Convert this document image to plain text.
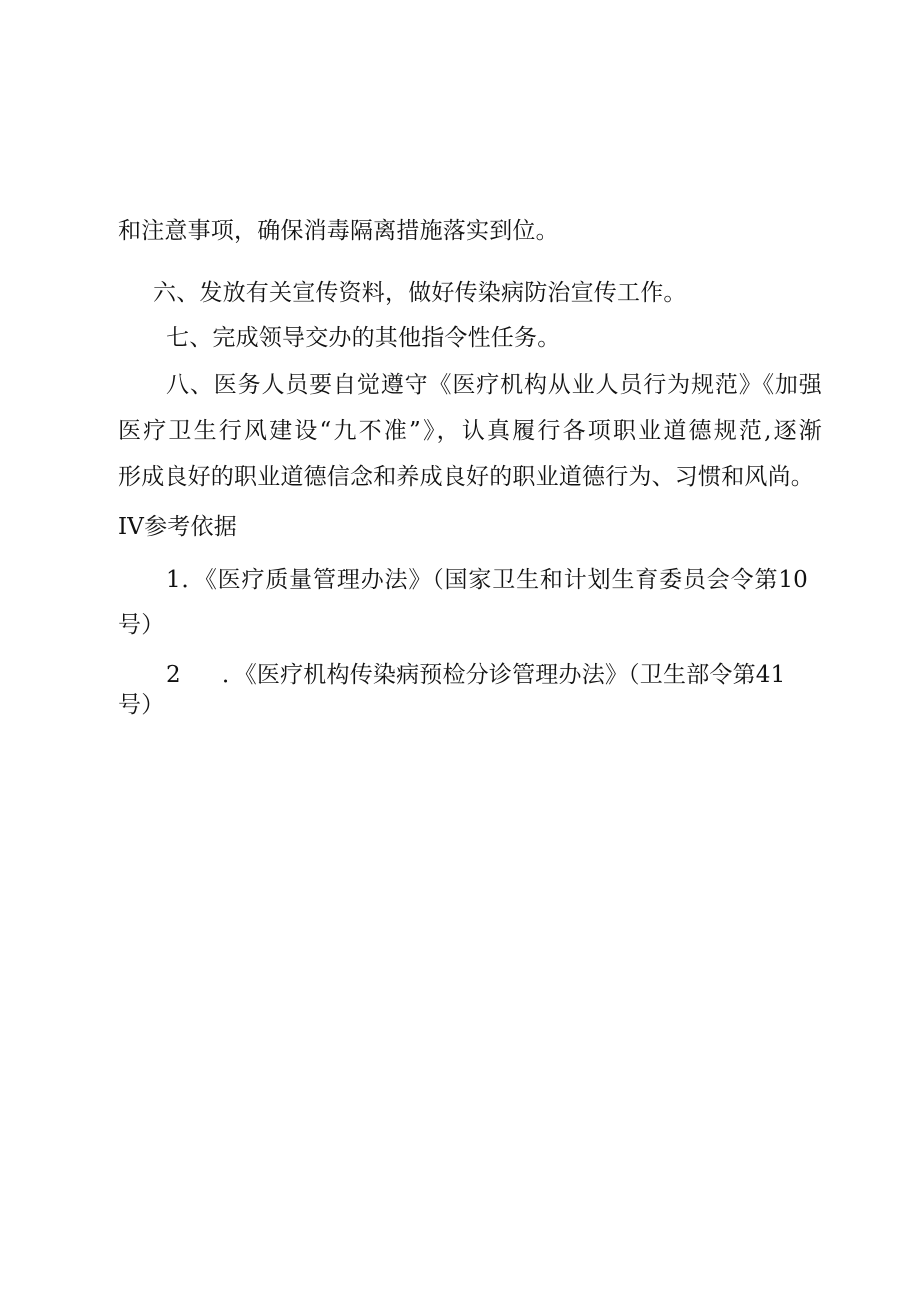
和注意事项，确保消毒隔离措施落实到位。
六、发放有关宣传资料，做好传染病防治宣传工作。
七、完成领导交办的其他指令性任务。
八、医务人员要自觉遵守《医疗机构从业人员行为规范》《加强
医疗卫生行风建设“九不准”》，认真履行各项职业道德规范,逐渐
形成良好的职业道德信念和养成良好的职业道德行为、习惯和风尚。
IV参考依据
1．《医疗质量管理办法》（国家卫生和计划生育委员会令第10
号）
2 ．《医疗机构传染病预检分诊管理办法》（卫生部令第41
号）
